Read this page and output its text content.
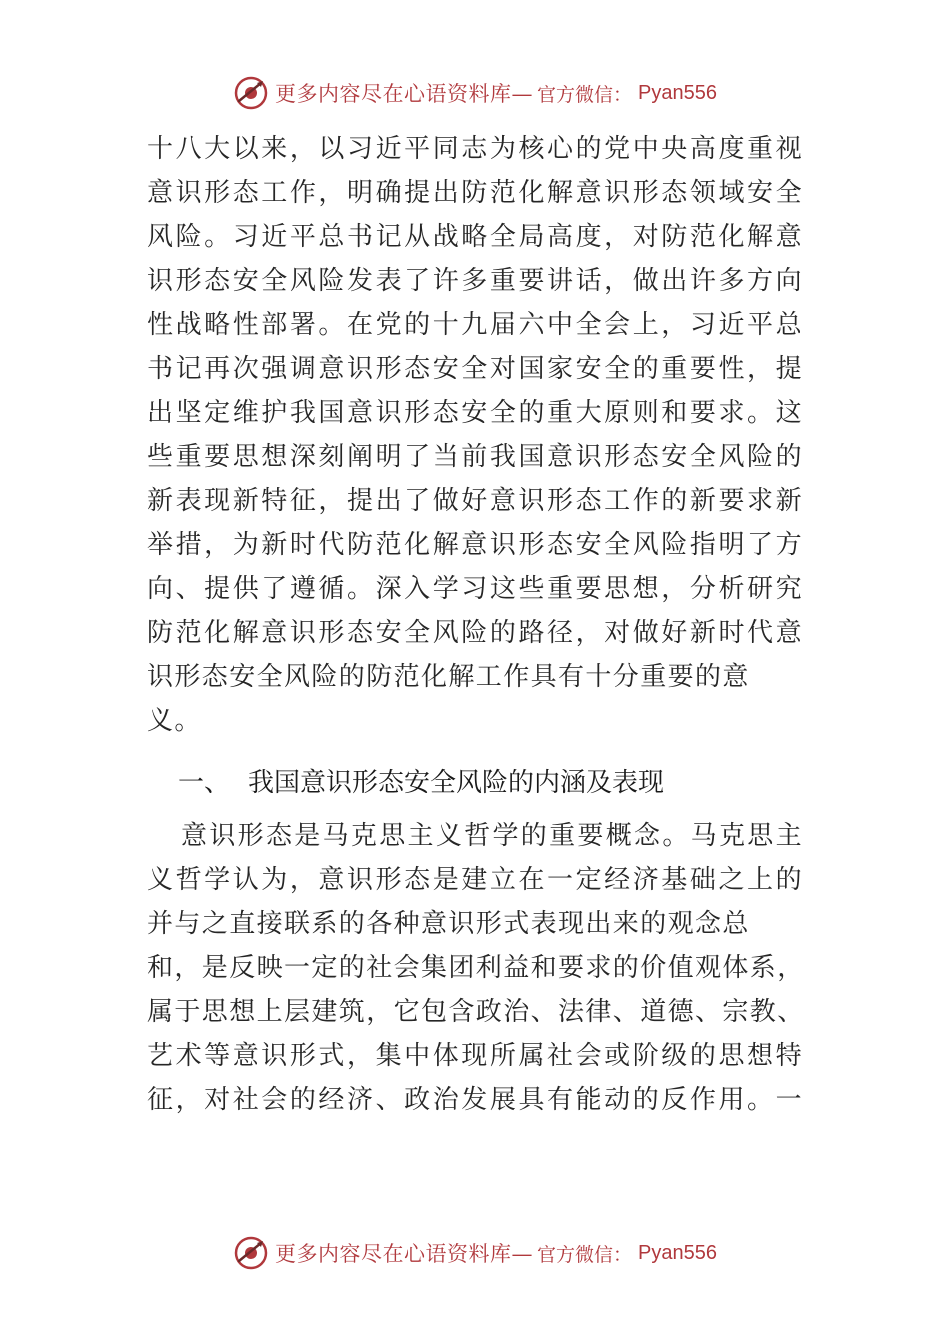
更多内容尽在心语资料库— 官方微信： Pyan556
十八大以来，以习近平同志为核心的党中央高度重视
意识形态工作，明确提出防范化解意识形态领域安全
风险。习近平总书记从战略全局高度，对防范化解意
识形态安全风险发表了许多重要讲话，做出许多方向
性战略性部署。在党的十九届六中全会上，习近平总
书记再次强调意识形态安全对国家安全的重要性，提
出坚定维护我国意识形态安全的重大原则和要求。这
些重要思想深刻阐明了当前我国意识形态安全风险的
新表现新特征，提出了做好意识形态工作的新要求新
举措，为新时代防范化解意识形态安全风险指明了方
向、提供了遵循。深入学习这些重要思想，分析研究
防范化解意识形态安全风险的路径，对做好新时代意
识形态安全风险的防范化解工作具有十分重要的意
义。
一、 我国意识形态安全风险的内涵及表现
意识形态是马克思主义哲学的重要概念。马克思主
义哲学认为，意识形态是建立在一定经济基础之上的
并与之直接联系的各种意识形式表现出来的观念总
和，是反映一定的社会集团利益和要求的价值观体系，
属于思想上层建筑，它包含政治、法律、道德、宗教、
艺术等意识形式，集中体现所属社会或阶级的思想特
征，对社会的经济、政治发展具有能动的反作用。一
更多内容尽在心语资料库— 官方微信： Pyan556
